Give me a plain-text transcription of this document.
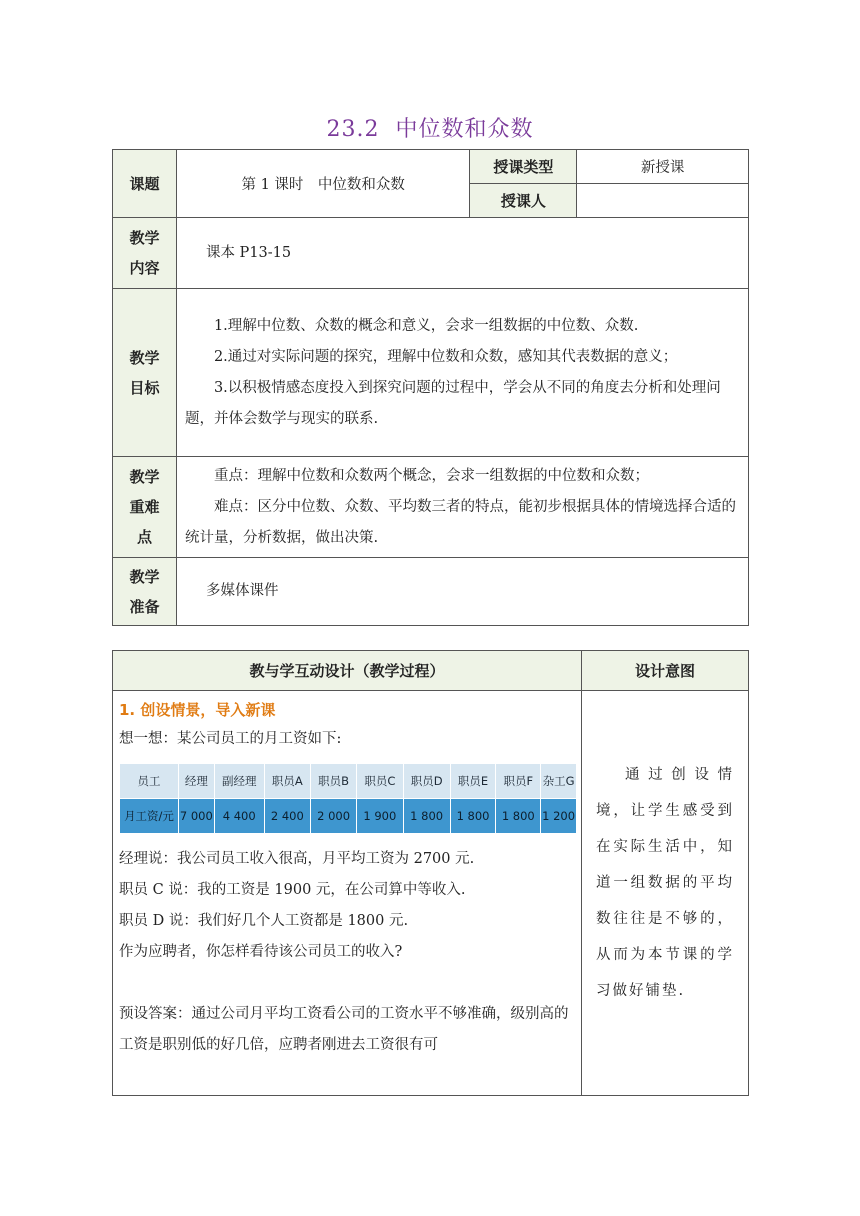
23.2 中位数和众数
课题	第 1 课时　中位数和众数	授课类型	新授课
		授课人	
教学内容	课本 P13-15		
教学目标	1.理解中位数、众数的概念和意义，会求一组数据的中位数、众数.
2.通过对实际问题的探究，理解中位数和众数，感知其代表数据的意义；
3.以积极情感态度投入到探究问题的过程中，学会从不同的角度去分析和处理问题，并体会数学与现实的联系.		

教学重难点	重点：理解中位数和众数两个概念，会求一组数据的中位数和众数；
难点：区分中位数、众数、平均数三者的特点，能初步根据具体的情境选择合适的统计量，分析数据，做出决策.		

教学准备	多媒体课件		
教与学互动设计（教学过程）	设计意图

1. 创设情景，导入新课
想一想：某公司员工的月工资如下:
员工	经理	副经理	职员A	职员B	职员C	职员D	职员E	职员F	杂工G
月工资/元	7 000	4 400	2 400	2 000	1 900	1 800	1 800	1 800	1 200
经理说：我公司员工收入很高，月平均工资为 2700 元.
职员 C 说：我的工资是 1900 元，在公司算中等收入.
职员 D 说：我们好几个人工资都是 1800 元.
作为应聘者，你怎样看待该公司员工的收入?
预设答案：通过公司月平均工资看公司的工资水平不够准确，级别高的工资是职别低的好几倍，应聘者刚进去工资很有可

通过创设情境，让学生感受到在实际生活中，知道一组数据的平均数往往是不够的，从而为本节课的学习做好铺垫.
